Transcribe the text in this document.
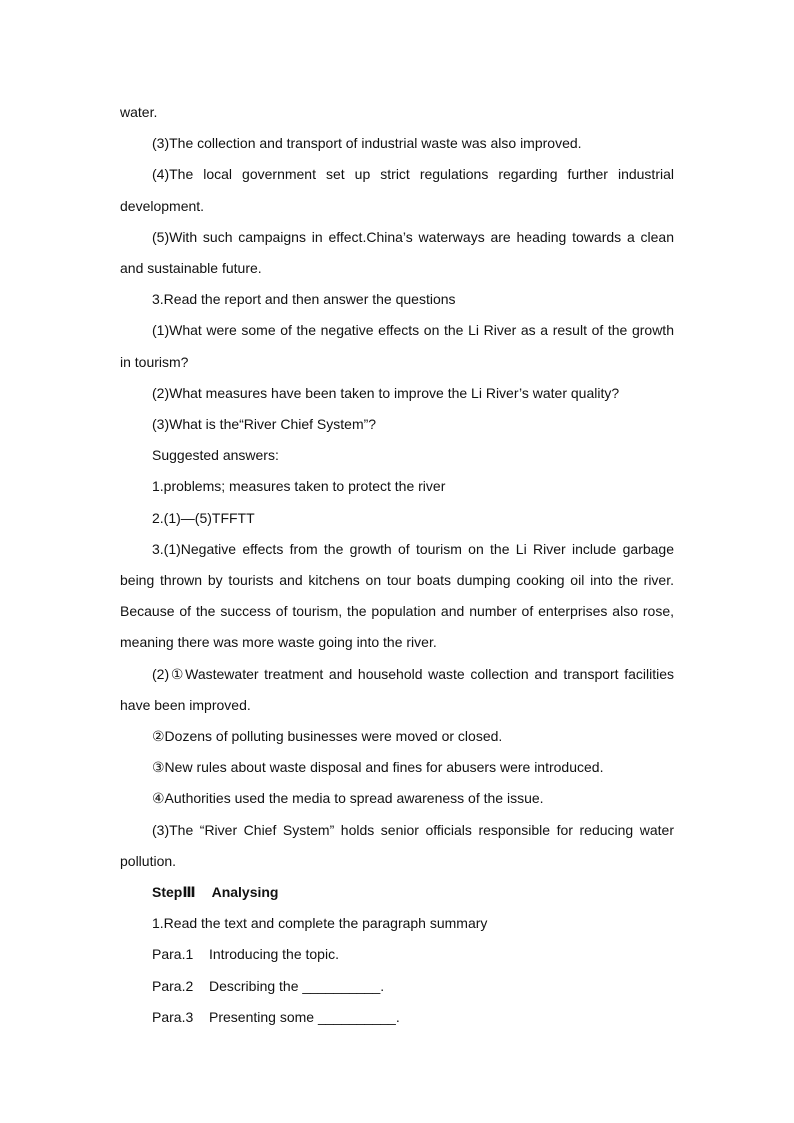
water.

(3)The collection and transport of industrial waste was also improved.

(4)The local government set up strict regulations regarding further industrial development.

(5)With such campaigns in effect.China’s waterways are heading towards a clean and sustainable future.

3.Read the report and then answer the questions

(1)What were some of the negative effects on the Li River as a result of the growth in tourism?

(2)What measures have been taken to improve the Li River’s water quality?

(3)What is the“River Chief System”?

Suggested answers:

1.problems; measures taken to protect the river

2.(1)—(5)TFFTT

3.(1)Negative effects from the growth of tourism on the Li River include garbage being thrown by tourists and kitchens on tour boats dumping cooking oil into the river. Because of the success of tourism, the population and number of enterprises also rose, meaning there was more waste going into the river.

(2)①Wastewater treatment and household waste collection and transport facilities have been improved.

②Dozens of polluting businesses were moved or closed.

③New rules about waste disposal and fines for abusers were introduced.

④Authorities used the media to spread awareness of the issue.

(3)The “River Chief System” holds senior officials responsible for reducing water pollution.

StepⅢ Analysing

1.Read the text and complete the paragraph summary

Para.1	Introducing the topic.
Para.2	Describing the __________.
Para.3	Presenting some __________.
